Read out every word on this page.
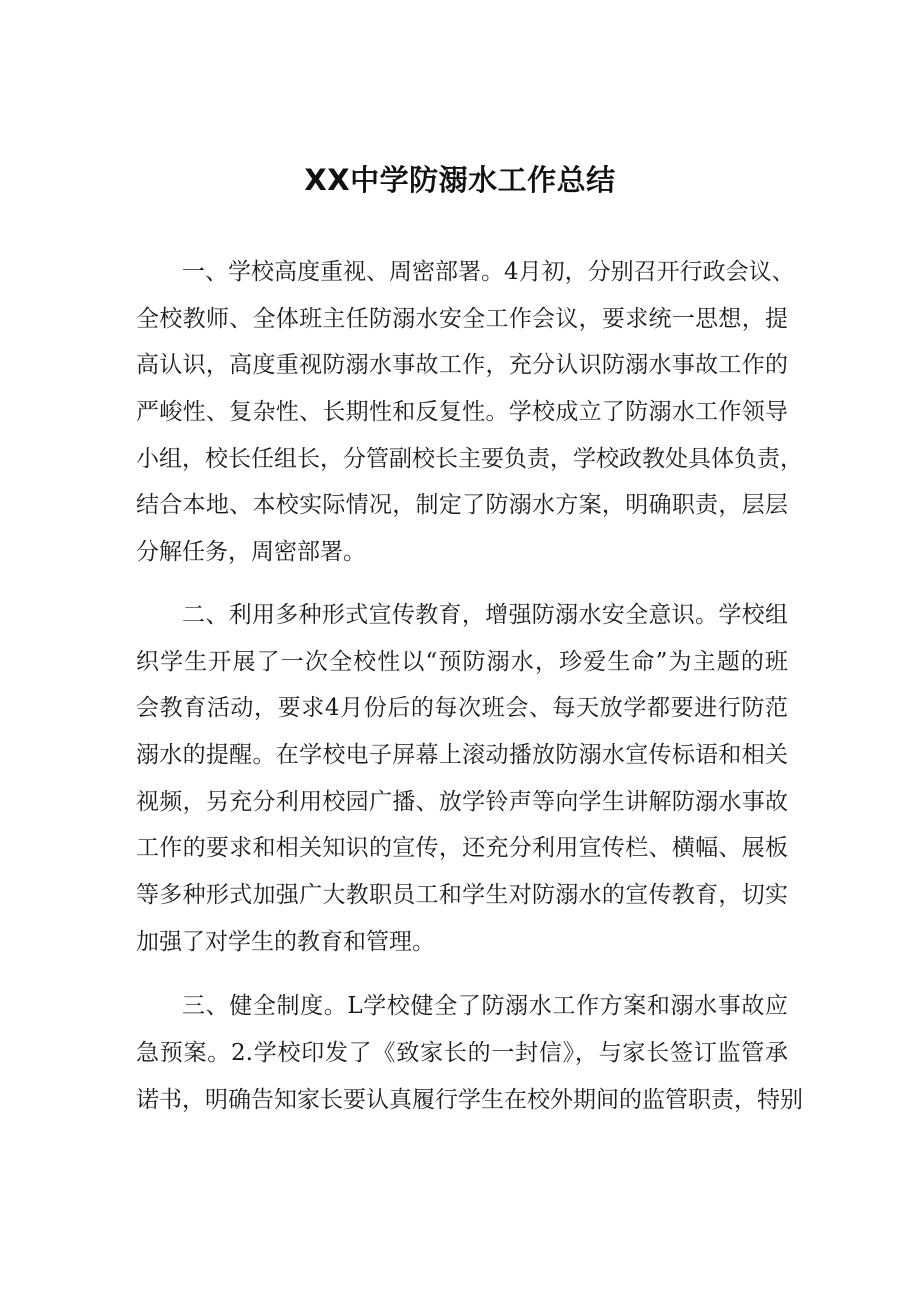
XX中学防溺水工作总结

一、学校高度重视、周密部署。4月初，分别召开行政会议、
全校教师、全体班主任防溺水安全工作会议，要求统一思想，提
高认识，高度重视防溺水事故工作，充分认识防溺水事故工作的
严峻性、复杂性、长期性和反复性。学校成立了防溺水工作领导
小组，校长任组长，分管副校长主要负责，学校政教处具体负责，
结合本地、本校实际情况，制定了防溺水方案，明确职责，层层
分解任务，周密部署。

二、利用多种形式宣传教育，增强防溺水安全意识。学校组
织学生开展了一次全校性以“预防溺水，珍爱生命”为主题的班
会教育活动，要求4月份后的每次班会、每天放学都要进行防范
溺水的提醒。在学校电子屏幕上滚动播放防溺水宣传标语和相关
视频，另充分利用校园广播、放学铃声等向学生讲解防溺水事故
工作的要求和相关知识的宣传，还充分利用宣传栏、横幅、展板
等多种形式加强广大教职员工和学生对防溺水的宣传教育，切实
加强了对学生的教育和管理。

三、健全制度。L学校健全了防溺水工作方案和溺水事故应
急预案。2.学校印发了《致家长的一封信》，与家长签订监管承
诺书，明确告知家长要认真履行学生在校外期间的监管职责，特别
